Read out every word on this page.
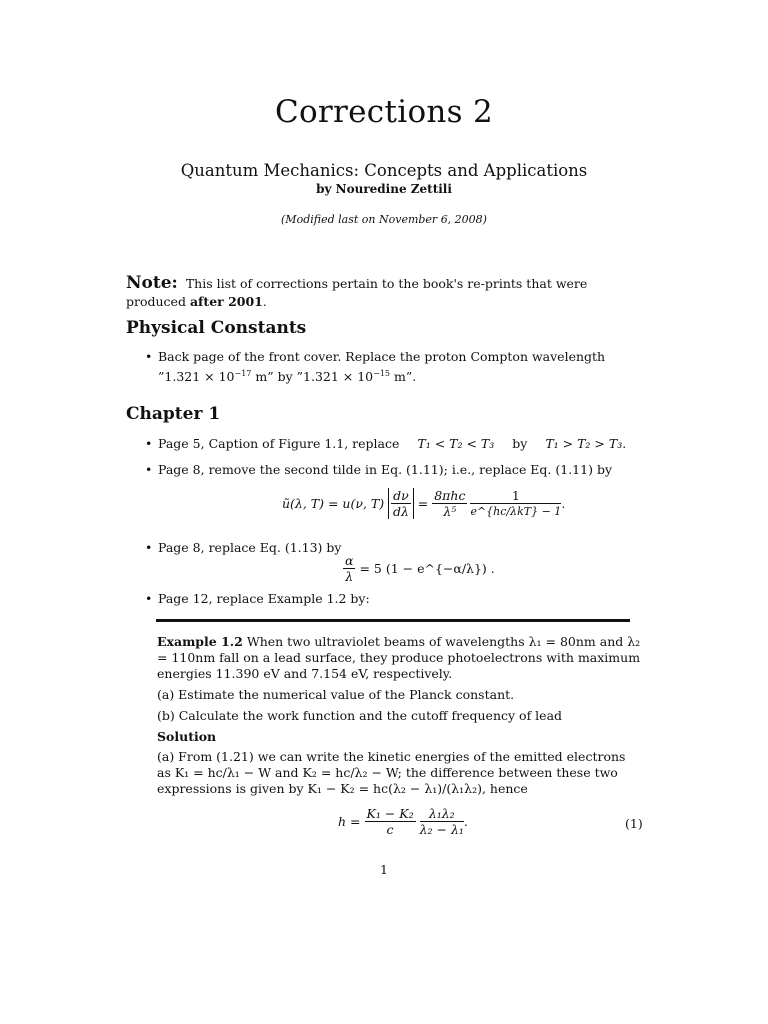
Corrections 2
Quantum Mechanics: Concepts and Applications
by Nouredine Zettili
(Modified last on November 6, 2008)
Note: This list of corrections pertain to the book's re-prints that were produced after 2001.
Physical Constants
• Back page of the front cover. Replace the proton Compton wavelength ”1.321 × $10^{-17}$ m” by ”1.321 × $10^{-15}$ m”.
Chapter 1
• Page 5, Caption of Figure 1.1, replace T₁ < T₂ < T₃ by T₁ > T₂ > T₃.
• Page 8, remove the second tilde in Eq. (1.11); i.e., replace Eq. (1.11) by
ũ(λ, T) = u(ν, $T) \frac{d\nu}{d\lambda} = \frac{\text{8πhc}}{\text{λ⁵}} \frac{1}{\text{e\textasciicircum{}\{hc/λkT\} − 1}}$ .
• Page 8, replace Eq. (1.13) by
$\frac{\alpha}{\lambda} = 5$ (1 − e^{−α/λ}) .
• Page 12, replace Example 1.2 by:
Example 1.2 When two ultraviolet beams of wavelengths λ₁ = 80nm and λ₂ = 110nm fall on a lead surface, they produce photoelectrons with maximum energies 11.390 eV and 7.154 eV, respectively.
(a) Estimate the numerical value of the Planck constant.
(b) Calculate the work function and the cutoff frequency of lead
Solution
(a) From (1.21) we can write the kinetic energies of the emitted electrons as K₁ = hc/λ₁ − W and K₂ = hc/λ₂ − W; the difference between these two expressions is given by K₁ − K₂ = hc(λ₂ − λ₁)/(λ₁λ₂), hence
$h = \frac{\text{K₁ − K₂}}{c} \frac{\text{λ₁λ₂}}{\text{λ₂ − λ₁}}$ .	(1)
1
